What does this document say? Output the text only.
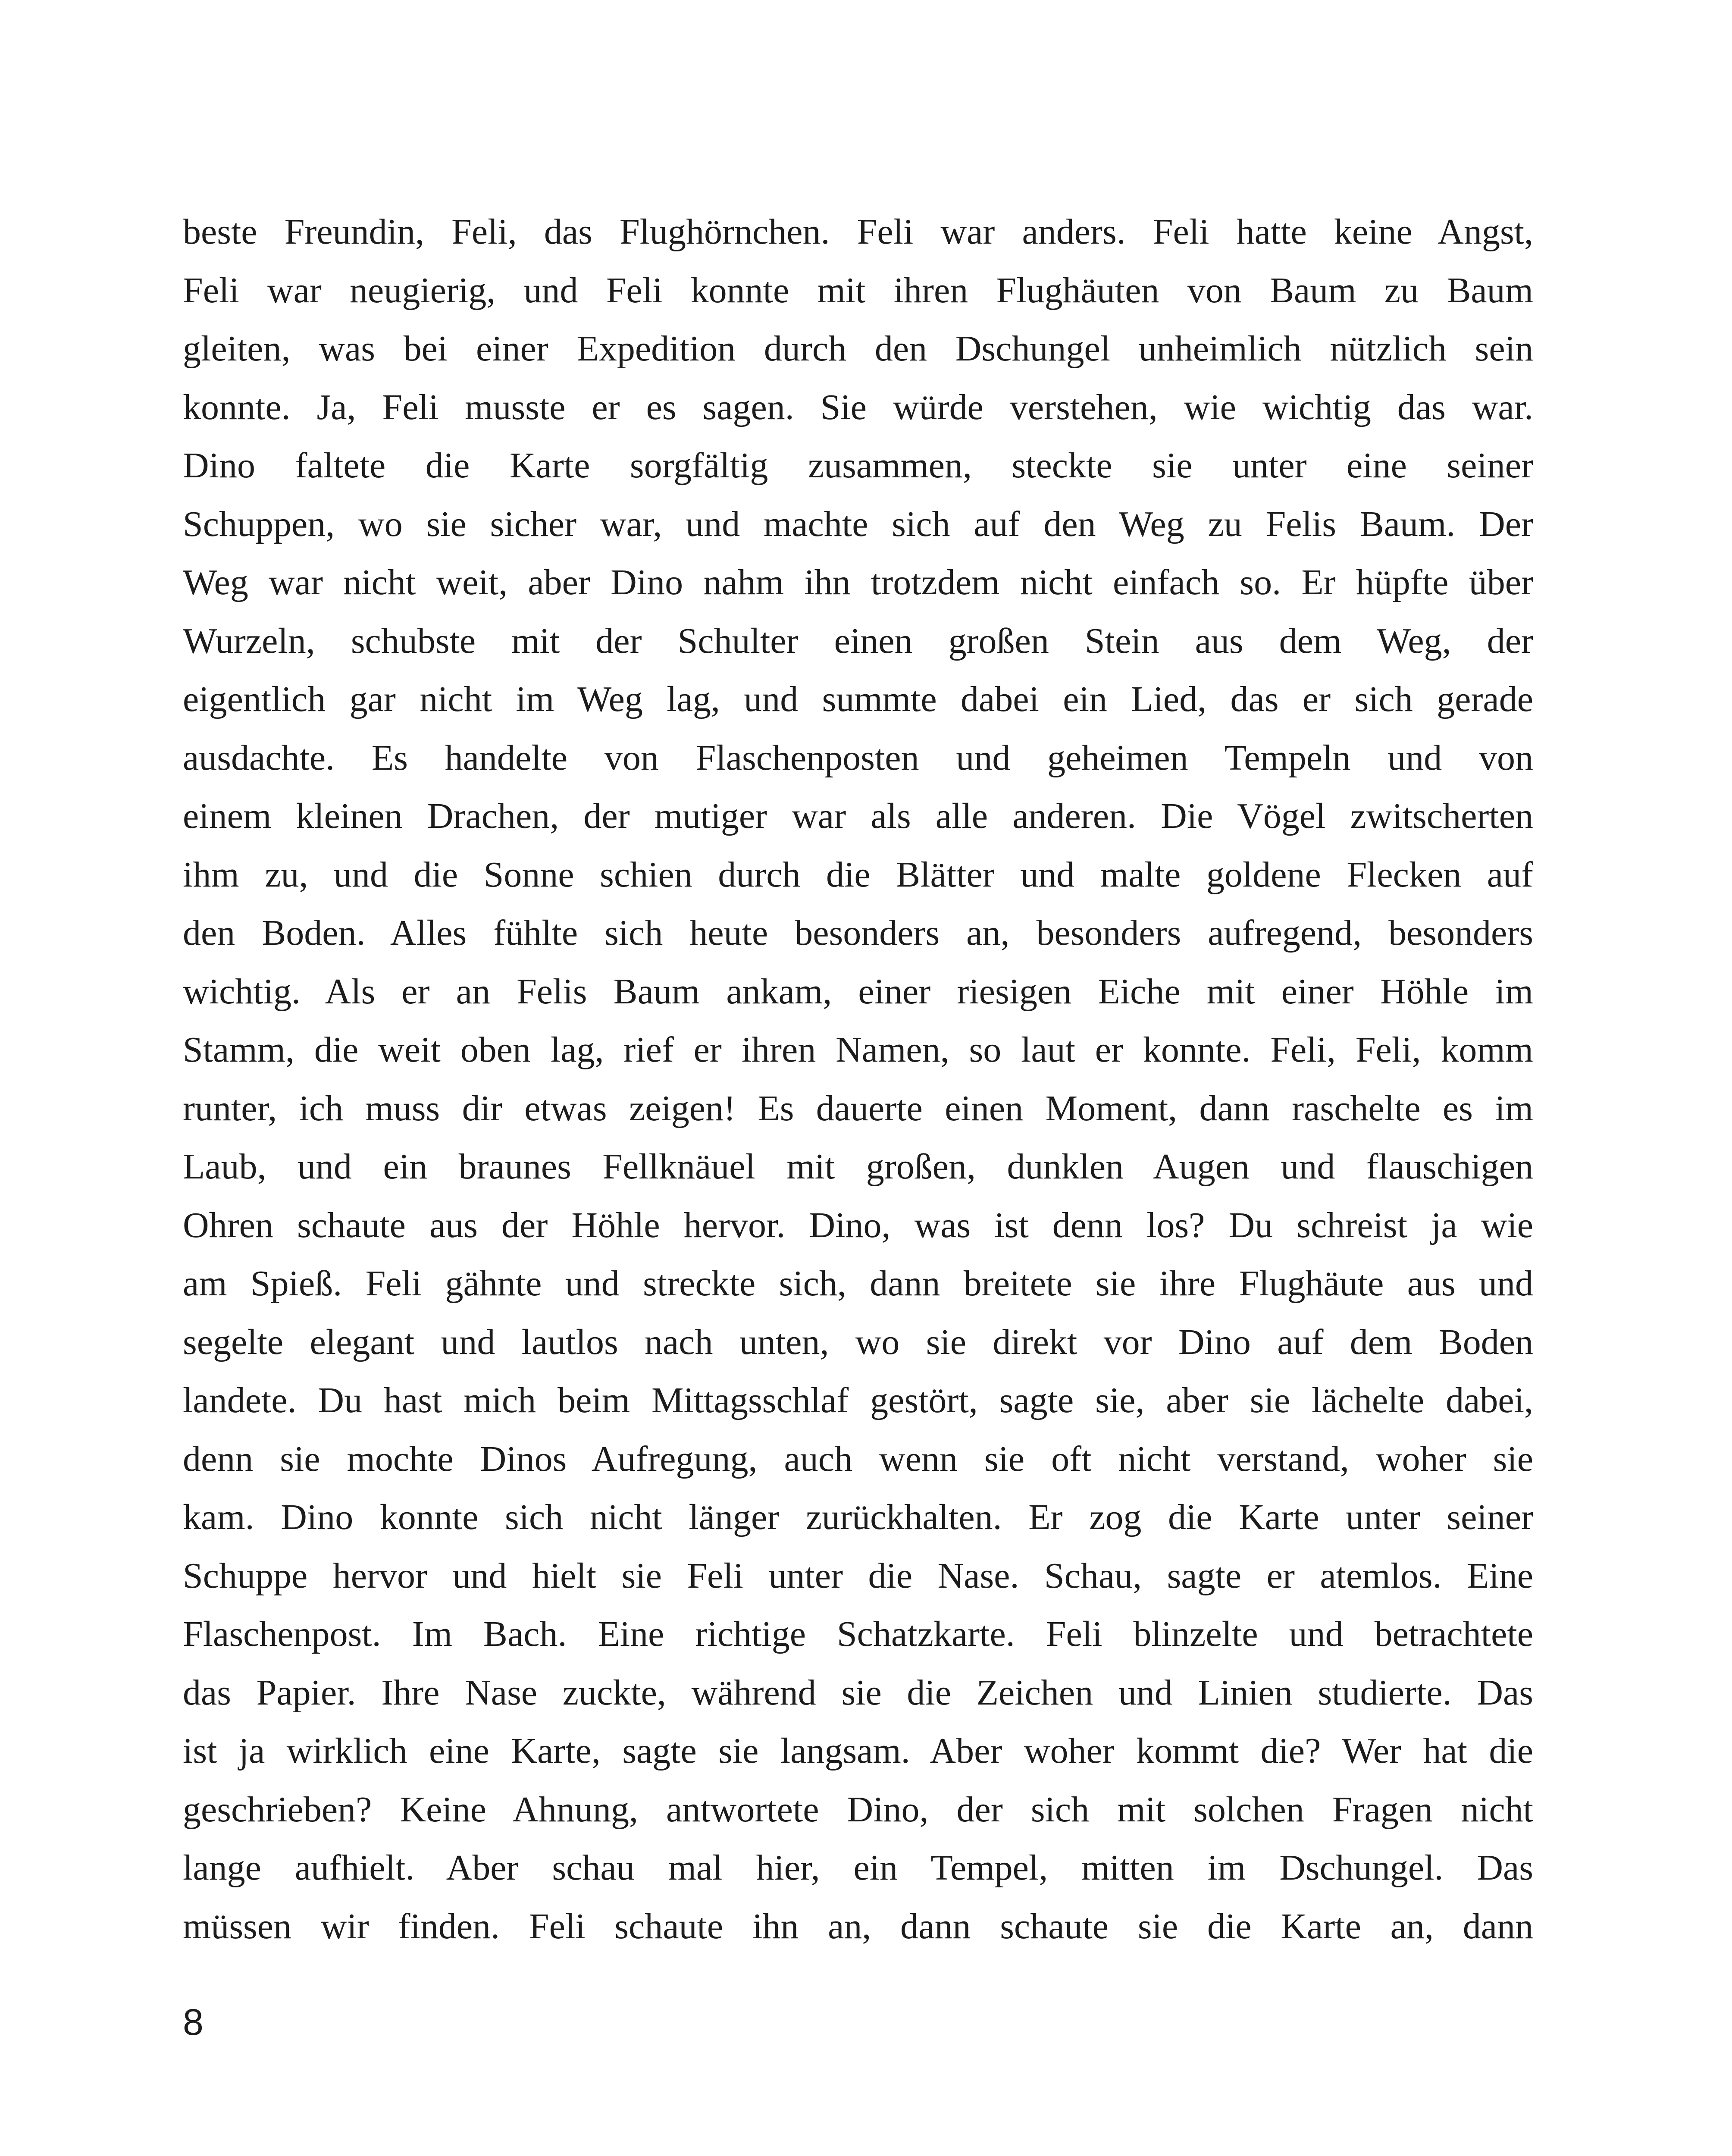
beste Freundin, Feli, das Flughörnchen. Feli war anders. Feli hatte keine Angst,
Feli war neugierig, und Feli konnte mit ihren Flughäuten von Baum zu Baum
gleiten, was bei einer Expedition durch den Dschungel unheimlich nützlich sein
konnte. Ja, Feli musste er es sagen. Sie würde verstehen, wie wichtig das war.
Dino faltete die Karte sorgfältig zusammen, steckte sie unter eine seiner
Schuppen, wo sie sicher war, und machte sich auf den Weg zu Felis Baum. Der
Weg war nicht weit, aber Dino nahm ihn trotzdem nicht einfach so. Er hüpfte über
Wurzeln, schubste mit der Schulter einen großen Stein aus dem Weg, der
eigentlich gar nicht im Weg lag, und summte dabei ein Lied, das er sich gerade
ausdachte. Es handelte von Flaschenposten und geheimen Tempeln und von
einem kleinen Drachen, der mutiger war als alle anderen. Die Vögel zwitscherten
ihm zu, und die Sonne schien durch die Blätter und malte goldene Flecken auf
den Boden. Alles fühlte sich heute besonders an, besonders aufregend, besonders
wichtig. Als er an Felis Baum ankam, einer riesigen Eiche mit einer Höhle im
Stamm, die weit oben lag, rief er ihren Namen, so laut er konnte. Feli, Feli, komm
runter, ich muss dir etwas zeigen! Es dauerte einen Moment, dann raschelte es im
Laub, und ein braunes Fellknäuel mit großen, dunklen Augen und flauschigen
Ohren schaute aus der Höhle hervor. Dino, was ist denn los? Du schreist ja wie
am Spieß. Feli gähnte und streckte sich, dann breitete sie ihre Flughäute aus und
segelte elegant und lautlos nach unten, wo sie direkt vor Dino auf dem Boden
landete. Du hast mich beim Mittagsschlaf gestört, sagte sie, aber sie lächelte dabei,
denn sie mochte Dinos Aufregung, auch wenn sie oft nicht verstand, woher sie
kam. Dino konnte sich nicht länger zurückhalten. Er zog die Karte unter seiner
Schuppe hervor und hielt sie Feli unter die Nase. Schau, sagte er atemlos. Eine
Flaschenpost. Im Bach. Eine richtige Schatzkarte. Feli blinzelte und betrachtete
das Papier. Ihre Nase zuckte, während sie die Zeichen und Linien studierte. Das
ist ja wirklich eine Karte, sagte sie langsam. Aber woher kommt die? Wer hat die
geschrieben? Keine Ahnung, antwortete Dino, der sich mit solchen Fragen nicht
lange aufhielt. Aber schau mal hier, ein Tempel, mitten im Dschungel. Das
müssen wir finden. Feli schaute ihn an, dann schaute sie die Karte an, dann
8
